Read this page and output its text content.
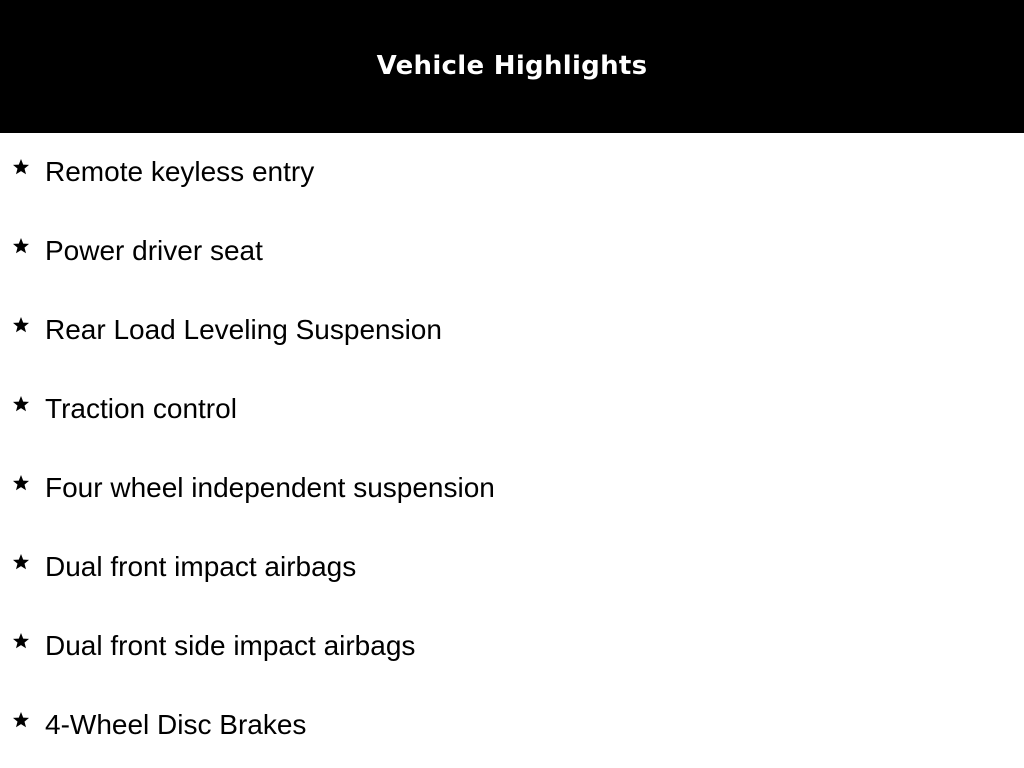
Vehicle Highlights
Remote keyless entry
Power driver seat
Rear Load Leveling Suspension
Traction control
Four wheel independent suspension
Dual front impact airbags
Dual front side impact airbags
4-Wheel Disc Brakes
